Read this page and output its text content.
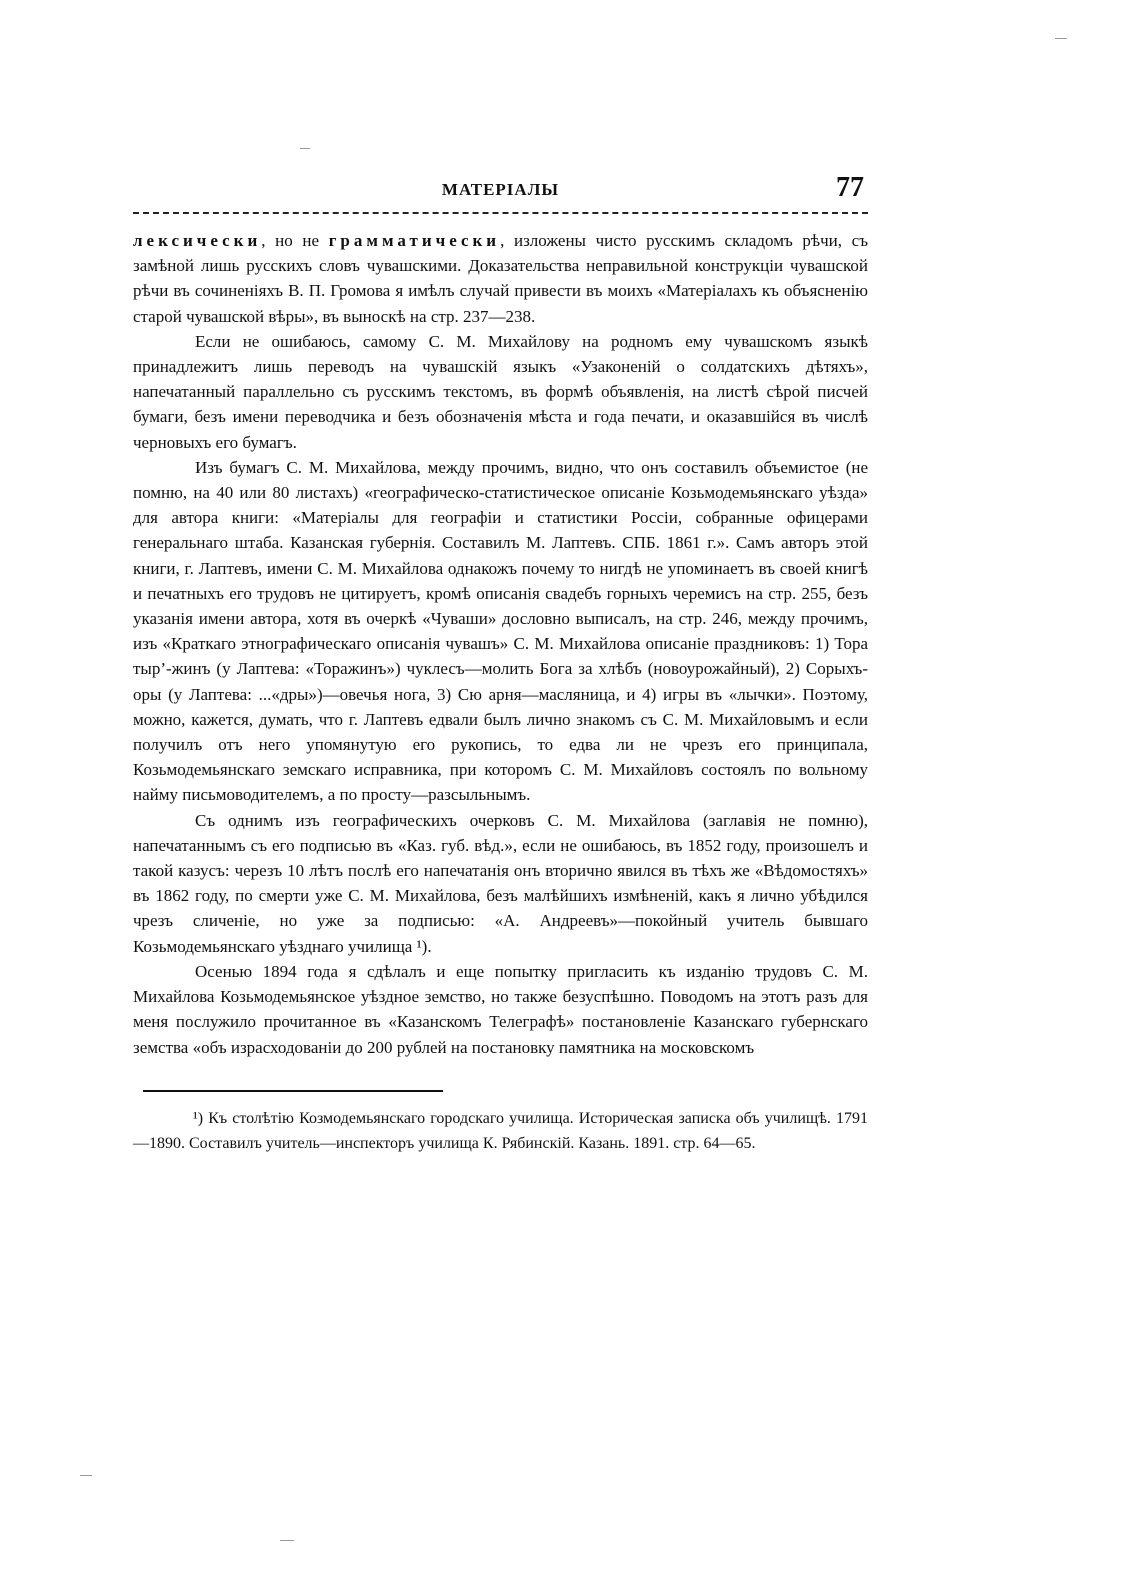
МАТЕРІАЛЫ	77

лексически, но не грамматически, изложены чисто русскимъ складомъ рѣчи, съ замѣной лишь русскихъ словъ чувашскими. Доказательства неправильной конструкціи чувашской рѣчи въ сочиненіяхъ В. П. Громова я имѣлъ случай привести въ моихъ «Матеріалахъ къ объясненію старой чувашской вѣры», въ выноскѣ на стр. 237—238.

Если не ошибаюсь, самому С. М. Михайлову на родномъ ему чувашскомъ языкѣ принадлежитъ лишь переводъ на чувашскій языкъ «Узаконеній о солдатскихъ дѣтяхъ», напечатанный параллельно съ русскимъ текстомъ, въ формѣ объявленія, на листѣ сѣрой писчей бумаги, безъ имени переводчика и безъ обозначенія мѣста и года печати, и оказавшійся въ числѣ черновыхъ его бумагъ.

Изъ бумагъ С. М. Михайлова, между прочимъ, видно, что онъ составилъ объемистое (не помню, на 40 или 80 листахъ) «географическо-статистическое описаніе Козьмодемьянскаго уѣзда» для автора книги: «Матеріалы для географіи и статистики Россіи, собранные офицерами генеральнаго штаба. Казанская губернія. Составилъ М. Лаптевъ. СПБ. 1861 г.». Самъ авторъ этой книги, г. Лаптевъ, имени С. М. Михайлова однакожъ почему то нигдѣ не упоминаетъ въ своей книгѣ и печатныхъ его трудовъ не цитируетъ, кромѣ описанія свадебъ горныхъ черемисъ на стр. 255, безъ указанія имени автора, хотя въ очеркѣ «Чуваши» дословно выписалъ, на стр. 246, между прочимъ, изъ «Краткаго этнографическаго описанія чувашъ» С. М. Михайлова описаніе праздниковъ: 1) Тора тыр’-жинъ (у Лаптева: «Торажинъ») чуклесъ—молить Бога за хлѣбъ (новоурожайный), 2) Сорыхъ-оры (у Лаптева: ...«дры»)—овечья нога, 3) Сю арня—масляница, и 4) игры въ «лычки». Поэтому, можно, кажется, думать, что г. Лаптевъ едвали былъ лично знакомъ съ С. М. Михайловымъ и если получилъ отъ него упомянутую его рукопись, то едва ли не чрезъ его принципала, Козьмодемьянскаго земскаго исправника, при которомъ С. М. Михайловъ состоялъ по вольному найму письмоводителемъ, а по просту—разсыльнымъ.

Съ однимъ изъ географическихъ очерковъ С. М. Михайлова (заглавія не помню), напечатаннымъ съ его подписью въ «Каз. губ. вѣд.», если не ошибаюсь, въ 1852 году, произошелъ и такой казусъ: черезъ 10 лѣтъ послѣ его напечатанія онъ вторично явился въ тѣхъ же «Вѣдомостяхъ» въ 1862 году, по смерти уже С. М. Михайлова, безъ малѣйшихъ измѣненій, какъ я лично убѣдился чрезъ сличеніе, но уже за подписью: «А. Андреевъ»—покойный учитель бывшаго Козьмодемьянскаго уѣзднаго училища ¹).

Осенью 1894 года я сдѣлалъ и еще попытку пригласить къ изданію трудовъ С. М. Михайлова Козьмодемьянское уѣздное земство, но также безуспѣшно. Поводомъ на этотъ разъ для меня послужило прочитанное въ «Казанскомъ Телеграфѣ» постановленіе Казанскаго губернскаго земства «объ израсходованіи до 200 рублей на постановку памятника на московскомъ

¹) Къ столѣтію Козмодемьянскаго городскаго училища. Историческая записка объ училищѣ. 1791—1890. Составилъ учитель—инспекторъ училища К. Рябинскій. Казань. 1891. стр. 64—65.
